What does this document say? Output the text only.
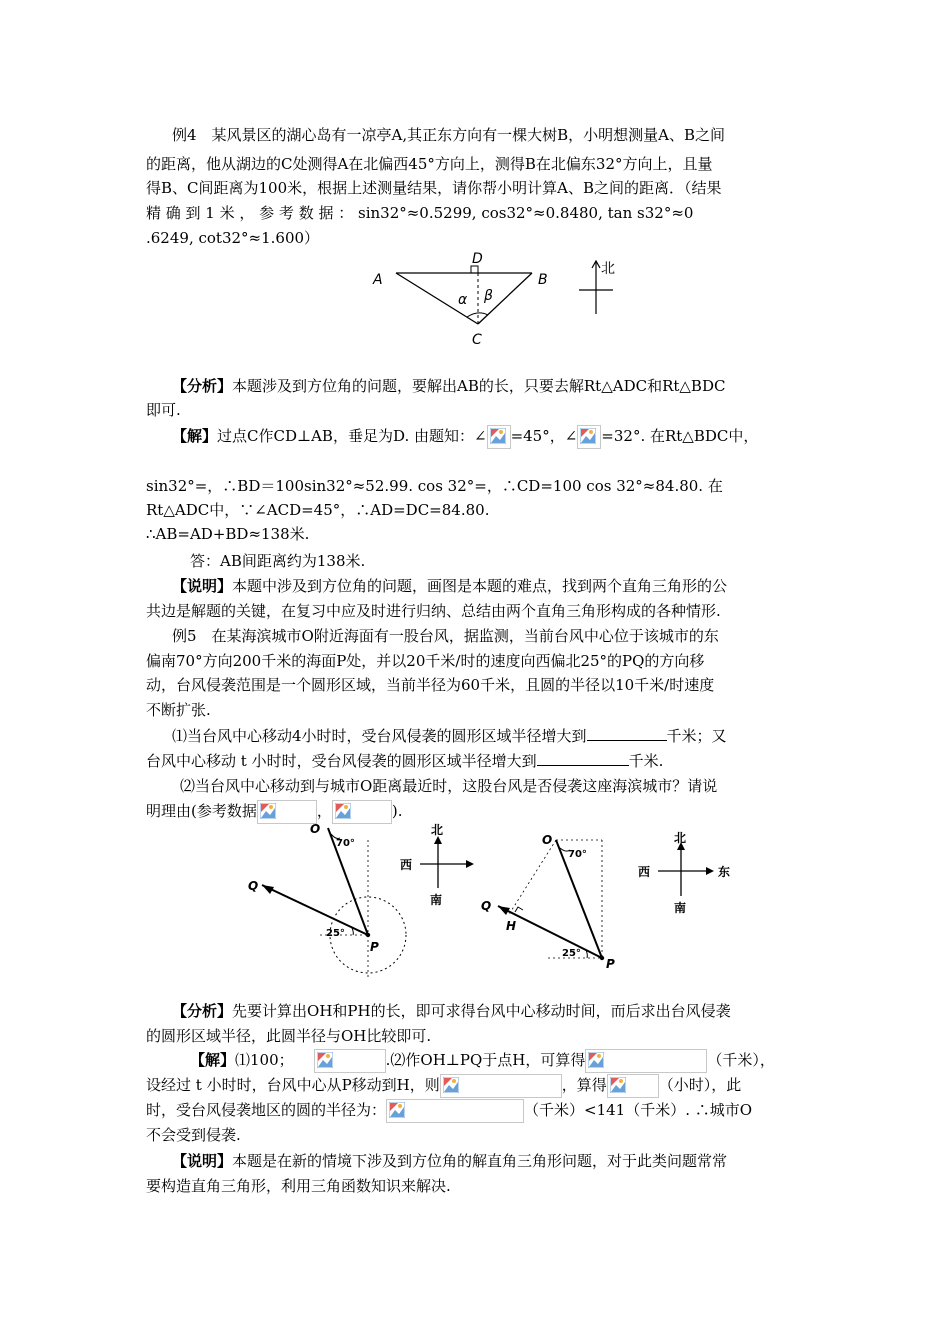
例4　某风景区的湖心岛有一凉亭A,其正东方向有一棵大树B，小明想测量A、B之间
的距离，他从湖边的C处测得A在北偏西45°方向上，测得B在北偏东32°方向上，且量
得B、C间距离为100米，根据上述测量结果，请你帮小明计算A、B之间的距离．（结果
精 确 到 1 米 ， 参 考 数 据 ： sin32°≈0.5299, cos32°≈0.8480, tan s32°≈0
.6249, cot32°≈1.600）
A	B
D
C
α β
北
【分析】本题涉及到方位角的问题，要解出AB的长，只要去解Rt△ADC和Rt△BDC
即可.
【解】过点C作CD⊥AB，垂足为D. 由题知：∠ =45°，∠ =32°. 在Rt△BDC中，
sin32°=，∴BD＝100sin32°≈52.99. cos 32°=，∴CD=100 cos 32°≈84.80. 在
Rt△ADC中，∵∠ACD=45°，∴AD=DC=84.80.
∴AB=AD+BD≈138米.
答：AB间距离约为138米.
【说明】本题中涉及到方位角的问题，画图是本题的难点，找到两个直角三角形的公
共边是解题的关键，在复习中应及时进行归纳、总结由两个直角三角形构成的各种情形.
例5　在某海滨城市O附近海面有一股台风，据监测，当前台风中心位于该城市的东
偏南70°方向200千米的海面P处，并以20千米/时的速度向西偏北25°的PQ的方向移
动，台风侵袭范围是一个圆形区域，当前半径为60千米，且圆的半径以10千米/时速度
不断扩张.
⑴当台风中心移动4小时时，受台风侵袭的圆形区域半径增大到	千米；又
台风中心移动 t 小时时，受台风侵袭的圆形区域半径增大到	千米.
⑵当台风中心移动到与城市O距离最近时，这股台风是否侵袭这座海滨城市？请说
明理由(参考数据	，	).
O
70°
Q
25°
P
北
南
西
O
70°
Q
H
25°
P
北
南
西	东
【分析】先要计算出OH和PH的长，即可求得台风中心移动时间，而后求出台风侵袭
的圆形区域半径，此圆半径与OH比较即可.
【解】⑴100；	.⑵作OH⊥PQ于点H，可算得	（千米），
设经过 t 小时时，台风中心从P移动到H，则	，算得	（小时），此
时，受台风侵袭地区的圆的半径为：	（千米）<141（千米）. ∴城市O
不会受到侵袭.
【说明】本题是在新的情境下涉及到方位角的解直角三角形问题，对于此类问题常常
要构造直角三角形，利用三角函数知识来解决.
